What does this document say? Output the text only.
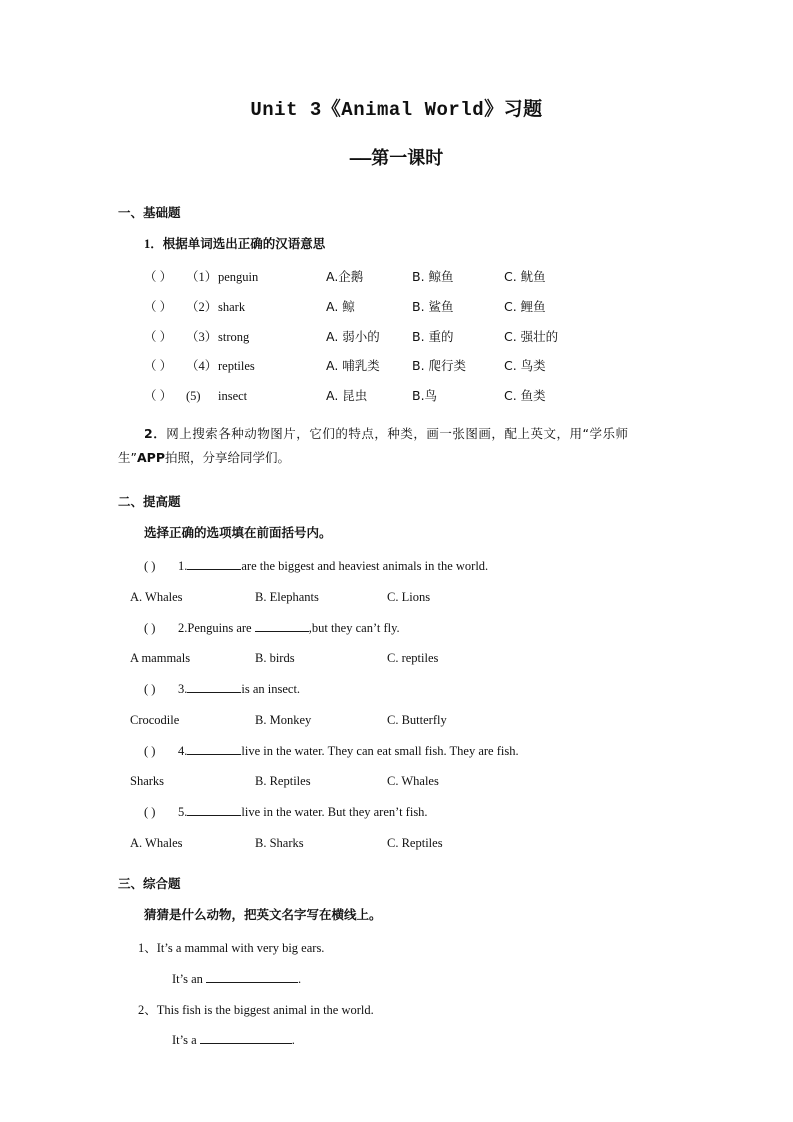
Unit 3《Animal World》习题
——第一课时
一、基础题
1．根据单词选出正确的汉语意思
（ ） （1）penguin	A.企鹅	B. 鲸鱼	C. 鱿鱼
（ ） （2）shark	A. 鲸	B. 鲨鱼	C. 鲤鱼
（ ） （3）strong	A. 弱小的	B. 重的	C. 强壮的
（ ） （4）reptiles	A. 哺乳类	B. 爬行类	C. 鸟类
（ ） (5) insect	A. 昆虫	B.鸟	C. 鱼类

2．网上搜索各种动物图片，它们的特点，种类，画一张图画，配上英文，用“学乐师生”APP拍照，分享给同学们。

二、提高题
选择正确的选项填在前面括号内。
( ) 1.	are the biggest and heaviest animals in the world.
A. Whales	B. Elephants	C. Lions
( ) 2.Penguins are	,but they can’t fly.
A mammals	B. birds	C. reptiles
( ) 3.	is an insect.
Crocodile	B. Monkey	C. Butterfly
( ) 4.	live in the water. They can eat small fish. They are fish.
Sharks	B. Reptiles	C. Whales
( ) 5.	live in the water. But they aren’t fish.
A. Whales	B. Sharks	C. Reptiles
三、综合题
猜猜是什么动物，把英文名字写在横线上。
1、It’s a mammal with very big ears.
It’s an	.
2、This fish is the biggest animal in the world.
It’s a	.
